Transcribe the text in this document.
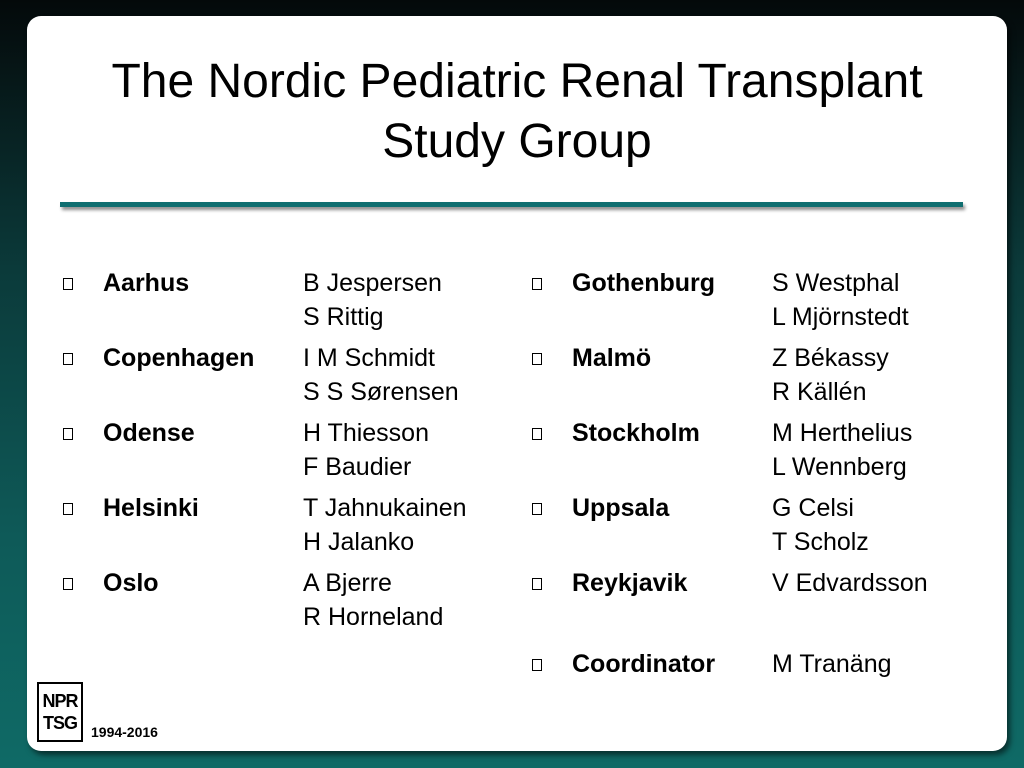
The Nordic Pediatric Renal Transplant
Study Group
Aarhus	B Jespersen
S Rittig
Copenhagen I M Schmidt
S S Sørensen
Odense	H Thiesson
F Baudier
Helsinki	T Jahnukainen
H Jalanko
Oslo	A Bjerre
R Horneland
Gothenburg S Westphal
L Mjörnstedt
Malmö	Z Békassy
R Källén
Stockholm	M Herthelius
L Wennberg
Uppsala	G Celsi
T Scholz
Reykjavik	V Edvardsson
Coordinator M Tranäng
NPR
TSG 1994-2016
